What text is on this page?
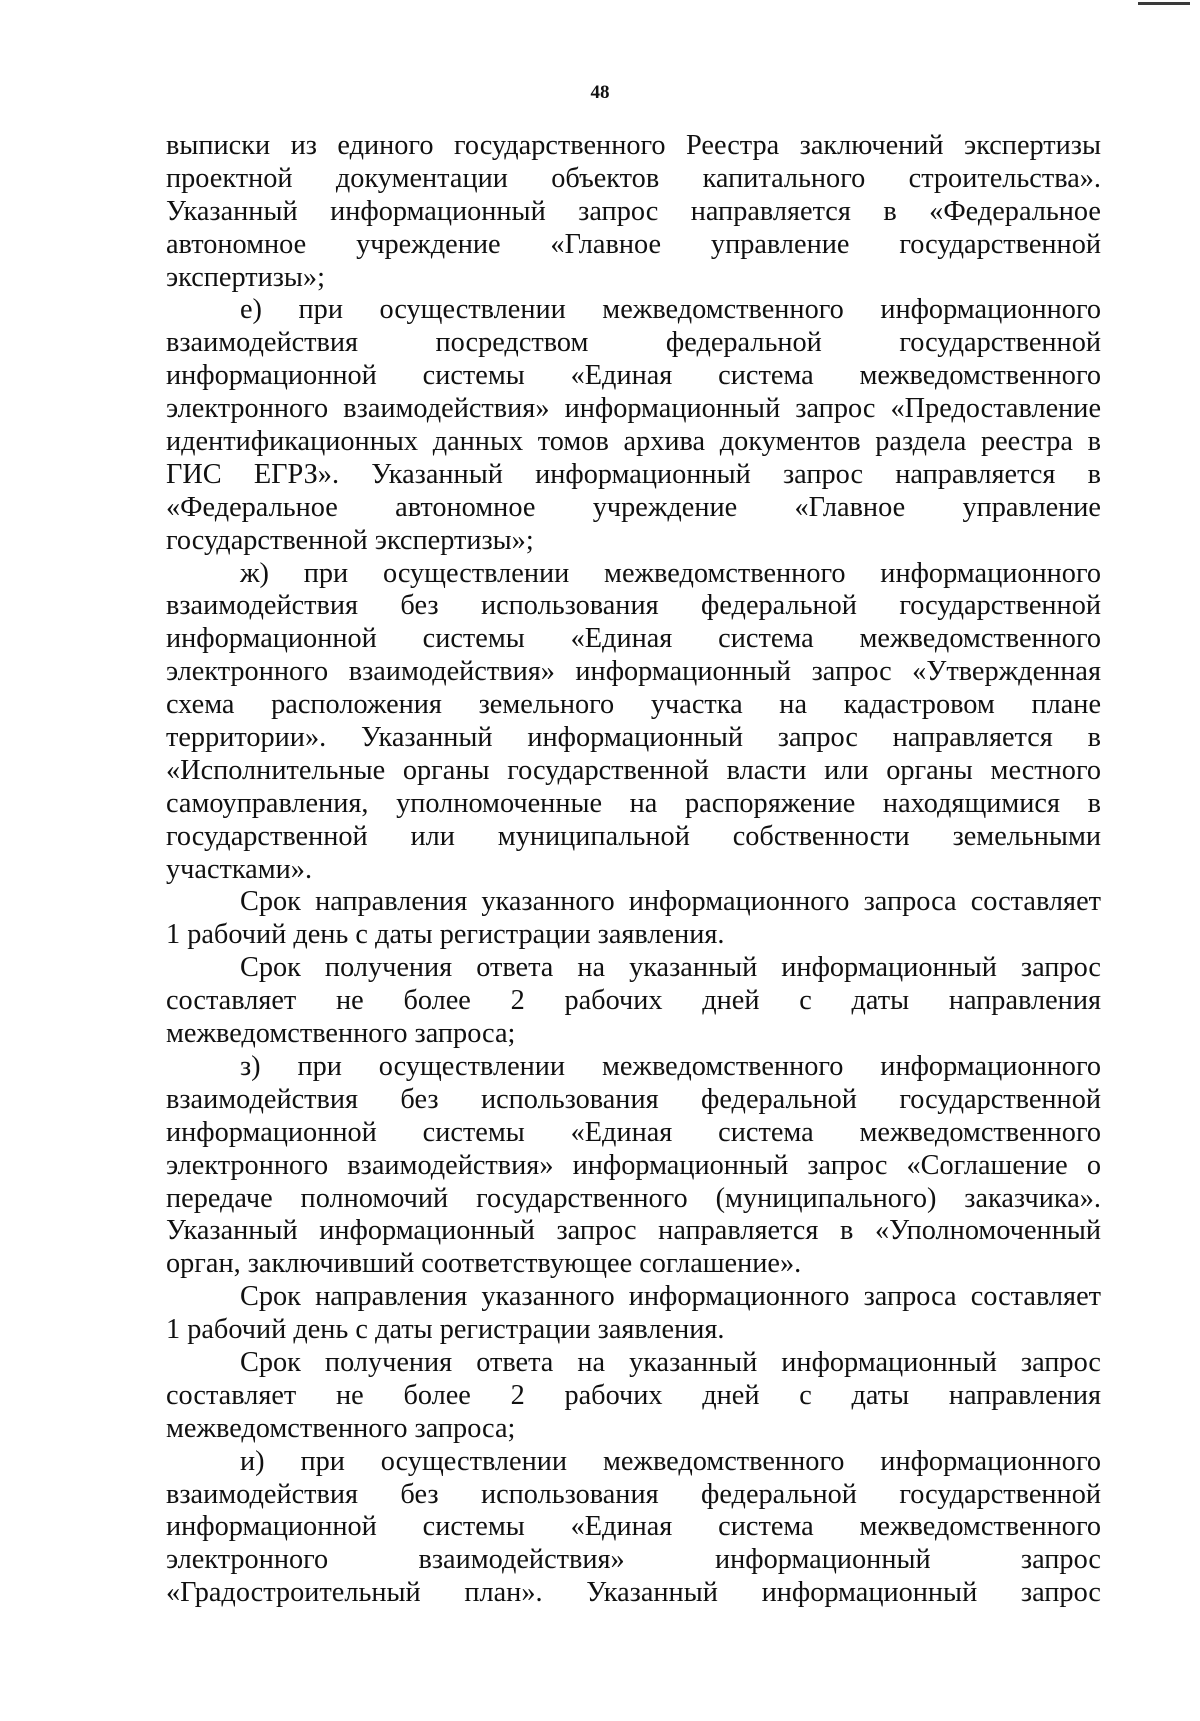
48
выписки из единого государственного Реестра заключений экспертизы
проектной документации объектов капитального строительства».
Указанный информационный запрос направляется в «Федеральное
автономное учреждение «Главное управление государственной
экспертизы»;
е) при осуществлении межведомственного информационного
взаимодействия посредством федеральной государственной
информационной системы «Единая система межведомственного
электронного взаимодействия» информационный запрос «Предоставление
идентификационных данных томов архива документов раздела реестра в
ГИС ЕГРЗ». Указанный информационный запрос направляется в
«Федеральное автономное учреждение «Главное управление
государственной экспертизы»;
ж) при осуществлении межведомственного информационного
взаимодействия без использования федеральной государственной
информационной системы «Единая система межведомственного
электронного взаимодействия» информационный запрос «Утвержденная
схема расположения земельного участка на кадастровом плане
территории». Указанный информационный запрос направляется в
«Исполнительные органы государственной власти или органы местного
самоуправления, уполномоченные на распоряжение находящимися в
государственной или муниципальной собственности земельными
участками».
Срок направления указанного информационного запроса составляет
1 рабочий день с даты регистрации заявления.
Срок получения ответа на указанный информационный запрос
составляет не более 2 рабочих дней с даты направления
межведомственного запроса;
з) при осуществлении межведомственного информационного
взаимодействия без использования федеральной государственной
информационной системы «Единая система межведомственного
электронного взаимодействия» информационный запрос «Соглашение о
передаче полномочий государственного (муниципального) заказчика».
Указанный информационный запрос направляется в «Уполномоченный
орган, заключивший соответствующее соглашение».
Срок направления указанного информационного запроса составляет
1 рабочий день с даты регистрации заявления.
Срок получения ответа на указанный информационный запрос
составляет не более 2 рабочих дней с даты направления
межведомственного запроса;
и) при осуществлении межведомственного информационного
взаимодействия без использования федеральной государственной
информационной системы «Единая система межведомственного
электронного взаимодействия» информационный запрос
«Градостроительный план». Указанный информационный запрос
